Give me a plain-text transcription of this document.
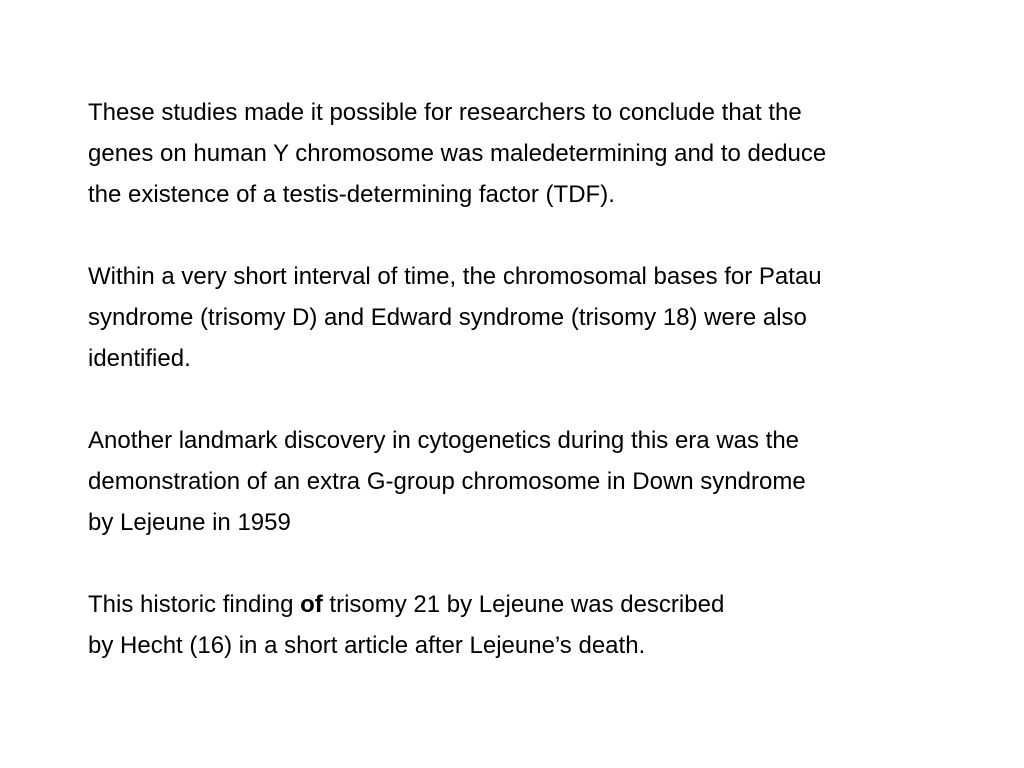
These studies made it possible for researchers to conclude that the
genes on human Y chromosome was maledetermining and to deduce
the existence of a testis-determining factor (TDF).

Within a very short interval of time, the chromosomal bases for Patau
syndrome (trisomy D) and Edward syndrome (trisomy 18) were also
identified.

Another landmark discovery in cytogenetics during this era was the
demonstration of an extra G-group chromosome in Down syndrome
by Lejeune in 1959

This historic finding of trisomy 21 by Lejeune was described
by Hecht (16) in a short article after Lejeune’s death.
